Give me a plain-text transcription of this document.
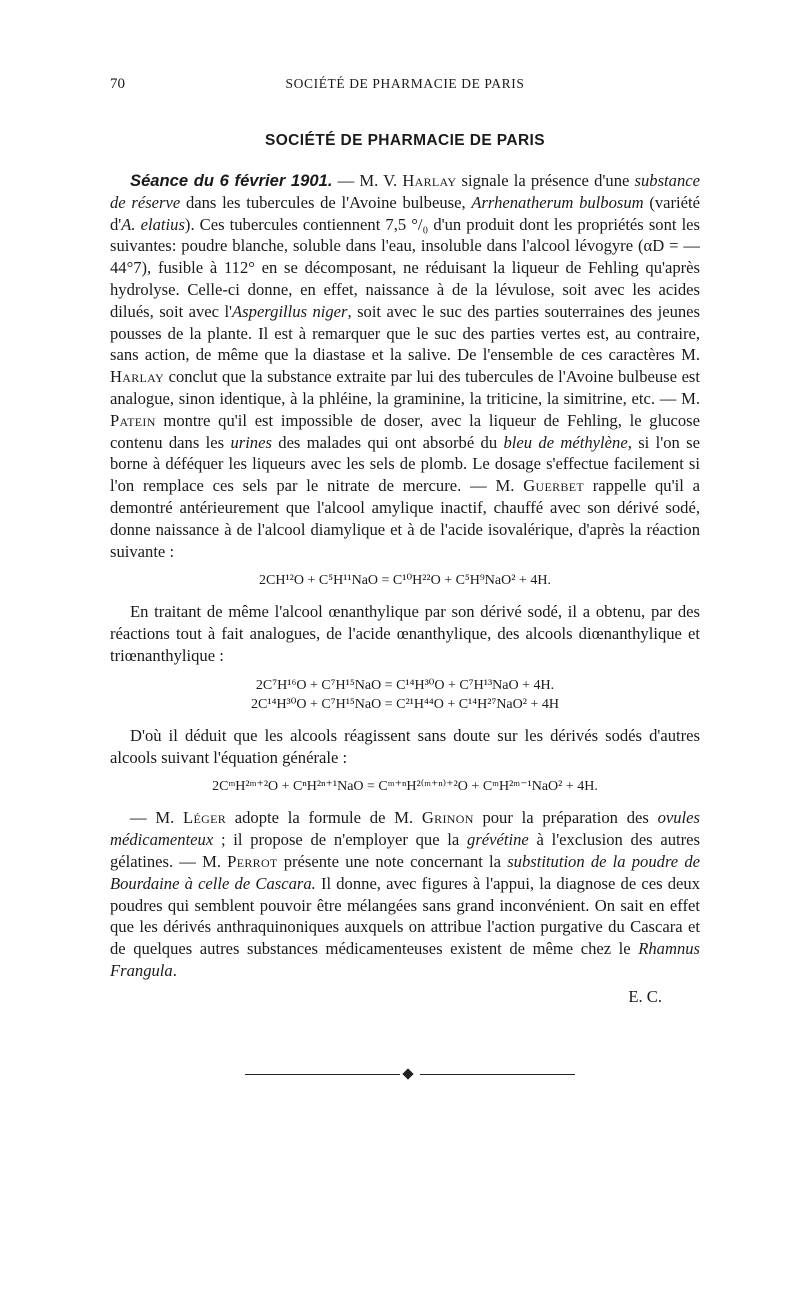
70	SOCIÉTÉ DE PHARMACIE DE PARIS
SOCIÉTÉ DE PHARMACIE DE PARIS

Séance du 6 février 1901. — M. V. Harlay signale la présence d'une substance de réserve dans les tubercules de l'Avoine bulbeuse, Arrhenatherum bulbosum (variété d'A. elatius). Ces tubercules contiennent 7,5 °/₀ d'un produit dont les propriétés sont les suivantes: poudre blanche, soluble dans l'eau, insoluble dans l'alcool lévogyre (αD = —44°7), fusible à 112° en se décomposant, ne réduisant la liqueur de Fehling qu'après hydrolyse. Celle-ci donne, en effet, naissance à de la lévulose, soit avec les acides dilués, soit avec l'Aspergillus niger, soit avec le suc des parties souterraines des jeunes pousses de la plante. Il est à remarquer que le suc des parties vertes est, au contraire, sans action, de même que la diastase et la salive. De l'ensemble de ces caractères M. Harlay conclut que la substance extraite par lui des tubercules de l'Avoine bulbeuse est analogue, sinon identique, à la phléine, la graminine, la triticine, la simitrine, etc. — M. Patein montre qu'il est impossible de doser, avec la liqueur de Fehling, le glucose contenu dans les urines des malades qui ont absorbé du bleu de méthylène, si l'on se borne à déféquer les liqueurs avec les sels de plomb. Le dosage s'effectue facilement si l'on remplace ces sels par le nitrate de mercure. — M. Guerbet rappelle qu'il a demontré antérieurement que l'alcool amylique inactif, chauffé avec son dérivé sodé, donne naissance à de l'alcool diamylique et à de l'acide isovalérique, d'après la réaction suivante :

2CH¹²O + C⁵H¹¹NaO = C¹⁰H²²O + C⁵H⁹NaO² + 4H.

En traitant de même l'alcool œnanthylique par son dérivé sodé, il a obtenu, par des réactions tout à fait analogues, de l'acide œnanthylique, des alcools diœnanthylique et triœnanthylique :

2C⁷H¹⁶O + C⁷H¹⁵NaO = C¹⁴H³⁰O + C⁷H¹³NaO + 4H.

2C¹⁴H³⁰O + C⁷H¹⁵NaO = C²¹H⁴⁴O + C¹⁴H²⁷NaO² + 4H

D'où il déduit que les alcools réagissent sans doute sur les dérivés sodés d'autres alcools suivant l'équation générale :

2CᵐH²ᵐ⁺²O + CⁿH²ⁿ⁺¹NaO = Cᵐ⁺ⁿH²⁽ᵐ⁺ⁿ⁾⁺²O + CᵐH²ᵐ⁻¹NaO² + 4H.

— M. Léger adopte la formule de M. Grinon pour la préparation des ovules médicamenteux ; il propose de n'employer que la grévétine à l'exclusion des autres gélatines. — M. Perrot présente une note concernant la substitution de la poudre de Bourdaine à celle de Cascara. Il donne, avec figures à l'appui, la diagnose de ces deux poudres qui semblent pouvoir être mélangées sans grand inconvénient. On sait en effet que les dérivés anthraquinoniques auxquels on attribue l'action purgative du Cascara et de quelques autres substances médicamenteuses existent de même chez le Rhamnus Frangula.

E. C.
